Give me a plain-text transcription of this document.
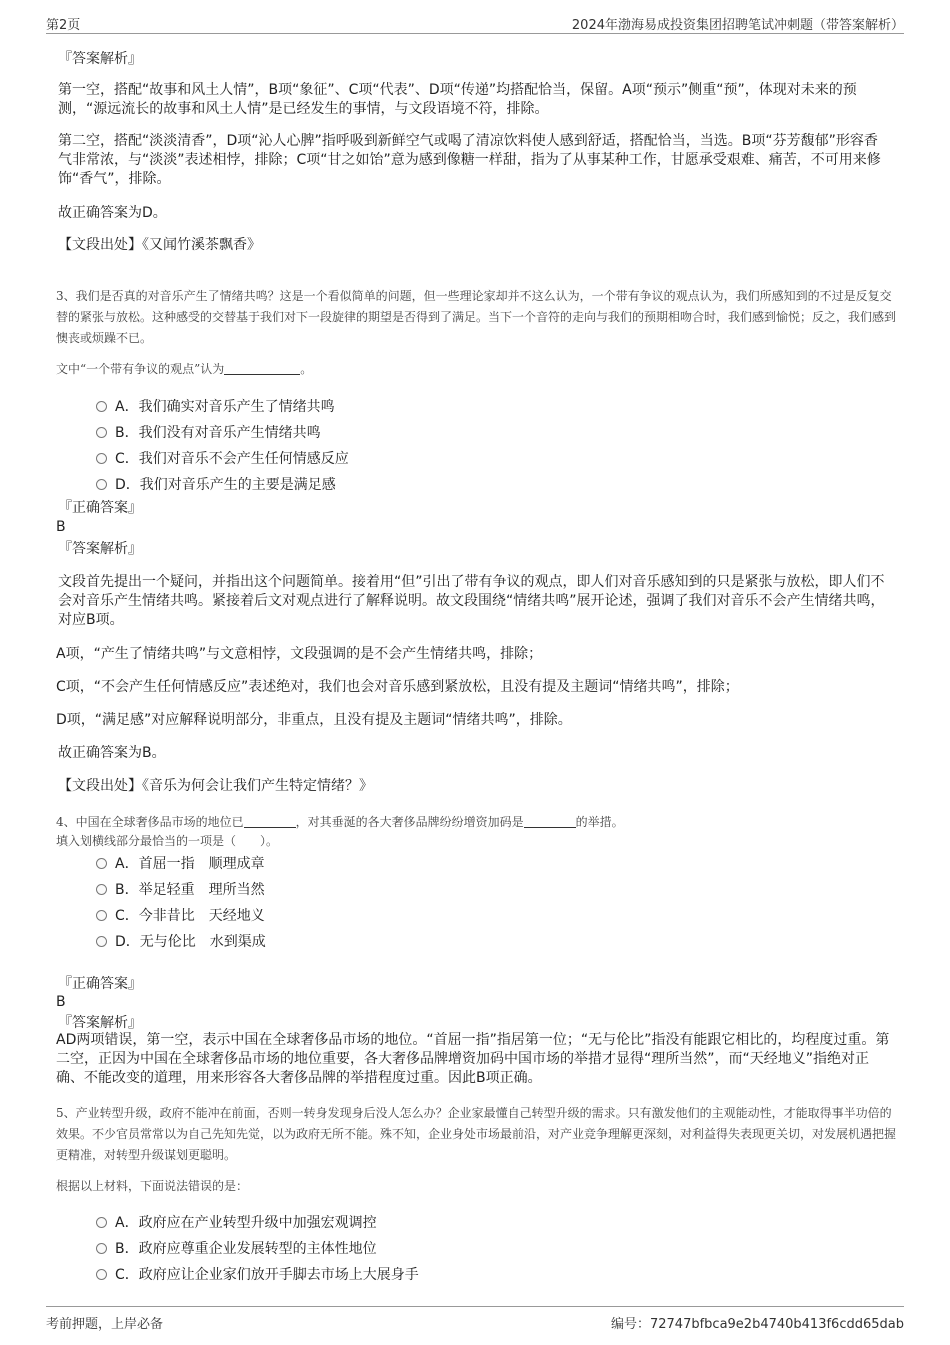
第2页	2024年渤海易成投资集团招聘笔试冲刺题（带答案解析）
『答案解析』

第一空，搭配“故事和风土人情”，B项“象征”、C项“代表”、D项“传递”均搭配恰当，保留。A项“预示”侧重“预”，体现对未来的预测，“源远流长的故事和风土人情”是已经发生的事情，与文段语境不符，排除。

第二空，搭配“淡淡清香”，D项“沁人心脾”指呼吸到新鲜空气或喝了清凉饮料使人感到舒适，搭配恰当，当选。B项“芬芳馥郁”形容香气非常浓，与“淡淡”表述相悖，排除；C项“甘之如饴”意为感到像糖一样甜，指为了从事某种工作，甘愿承受艰难、痛苦，不可用来修饰“香气”，排除。

故正确答案为D。
【文段出处】《又闻竹溪茶飘香》

3、我们是否真的对音乐产生了情绪共鸣？这是一个看似简单的问题，但一些理论家却并不这么认为，一个带有争议的观点认为，我们所感知到的不过是反复交替的紧张与放松。这种感受的交替基于我们对下一段旋律的期望是否得到了满足。当下一个音符的走向与我们的预期相吻合时，我们感到愉悦；反之，我们感到懊丧或烦躁不已。

文中“一个带有争议的观点”认为	。
A．我们确实对音乐产生了情绪共鸣
B．我们没有对音乐产生情绪共鸣
C．我们对音乐不会产生任何情感反应
D．我们对音乐产生的主要是满足感
『正确答案』
B
『答案解析』

文段首先提出一个疑问，并指出这个问题简单。接着用“但”引出了带有争议的观点，即人们对音乐感知到的只是紧张与放松，即人们不会对音乐产生情绪共鸣。紧接着后文对观点进行了解释说明。故文段围绕“情绪共鸣”展开论述，强调了我们对音乐不会产生情绪共鸣，对应B项。

A项，“产生了情绪共鸣”与文意相悖，文段强调的是不会产生情绪共鸣，排除；
C项，“不会产生任何情感反应”表述绝对，我们也会对音乐感到紧放松，且没有提及主题词“情绪共鸣”，排除；
D项，“满足感”对应解释说明部分，非重点，且没有提及主题词“情绪共鸣”，排除。
故正确答案为B。
【文段出处】《音乐为何会让我们产生特定情绪？》
4、中国在全球奢侈品市场的地位已	，对其垂涎的各大奢侈品牌纷纷增资加码是	的举措。
填入划横线部分最恰当的一项是（　　）。
A．首屈一指　顺理成章
B．举足轻重　理所当然
C．今非昔比　天经地义
D．无与伦比　水到渠成
『正确答案』
B
『答案解析』

AD两项错误，第一空，表示中国在全球奢侈品市场的地位。“首屈一指”指居第一位；“无与伦比”指没有能跟它相比的，均程度过重。第二空，正因为中国在全球奢侈品市场的地位重要，各大奢侈品牌增资加码中国市场的举措才显得“理所当然”，而“天经地义”指绝对正确、不能改变的道理，用来形容各大奢侈品牌的举措程度过重。因此B项正确。

5、产业转型升级，政府不能冲在前面，否则一转身发现身后没人怎么办？企业家最懂自己转型升级的需求。只有激发他们的主观能动性，才能取得事半功倍的效果。不少官员常常以为自己先知先觉，以为政府无所不能。殊不知，企业身处市场最前沿，对产业竞争理解更深刻，对利益得失表现更关切，对发展机遇把握更精准，对转型升级谋划更聪明。

根据以上材料，下面说法错误的是：
A．政府应在产业转型升级中加强宏观调控
B．政府应尊重企业发展转型的主体性地位
C．政府应让企业家们放开手脚去市场上大展身手
考前押题，上岸必备	编号：72747bfbca9e2b4740b413f6cdd65dab
